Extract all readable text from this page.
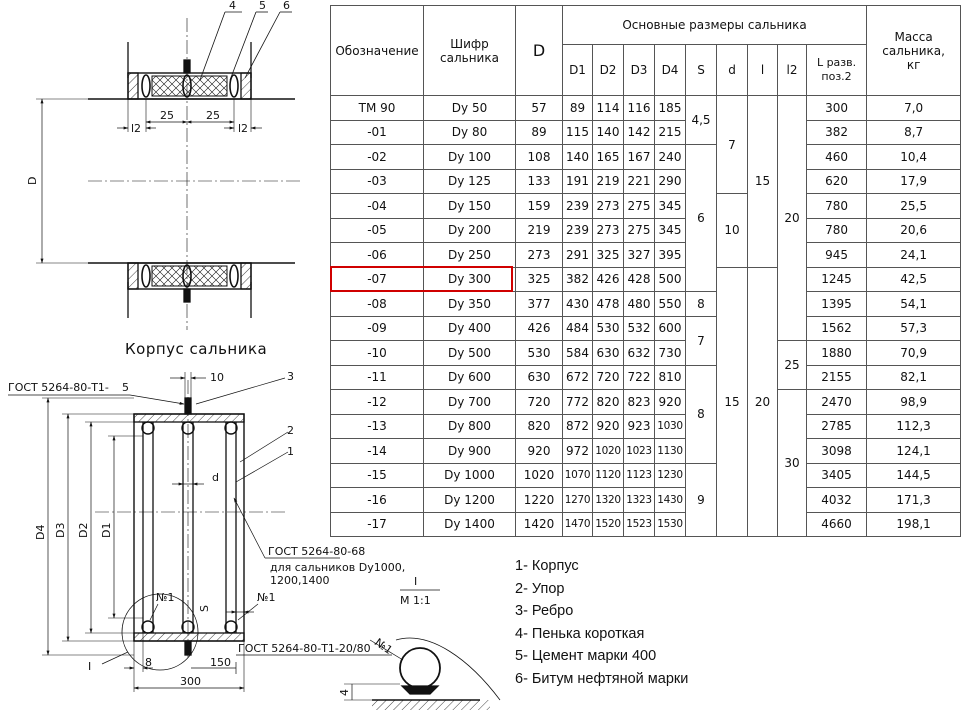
4 5 6
25	25
l2	l2
D
ГОСТ 5264-80-Т1- 5
10	3
2
1
d
D4 D3 D2 D1
ГОСТ 5264-80-68
для сальников Dy1000,
1200,1400
№1	№1
S
I	8	150
ГОСТ 5264-80-Т1-20/80
300
I
М 1:1
№1
4
Корпус сальника
Обозначение	Шифр
сальника	D	Основные размеры сальника									Масса
сальника,
кг
			D1	D2	D3	D4	S	d	l	l2	L разв.
поз.2	
ТМ 90	Dy 50	57	89	114	116	185	4,5	7	15	20	300	7,0
-01	Dy 80	89	115	140	142	215					382	8,7
-02	Dy 100	108	140	165	167	240	6				460	10,4
-03	Dy 125	133	191	219	221	290					620	17,9
-04	Dy 150	159	239	273	275	345		10			780	25,5
-05	Dy 200	219	239	273	275	345					780	20,6
-06	Dy 250	273	291	325	327	395					945	24,1
-07	Dy 300	325	382	426	428	500		15	20		1245	42,5
-08	Dy 350	377	430	478	480	550	8				1395	54,1
-09	Dy 400	426	484	530	532	600	7				1562	57,3
-10	Dy 500	530	584	630	632	730				25	1880	70,9
-11	Dy 600	630	672	720	722	810	8				2155	82,1
-12	Dy 700	720	772	820	823	920				30	2470	98,9
-13	Dy 800	820	872	920	923	1030					2785	112,3
-14	Dy 900	920	972	1020	1023	1130					3098	124,1
-15	Dy 1000	1020	1070	1120	1123	1230	9				3405	144,5
-16	Dy 1200	1220	1270	1320	1323	1430					4032	171,3
-17	Dy 1400	1420	1470	1520	1523	1530					4660	198,1
1- Корпус
2- Упор
3- Ребро
4- Пенька короткая
5- Цемент марки 400
6- Битум нефтяной марки
